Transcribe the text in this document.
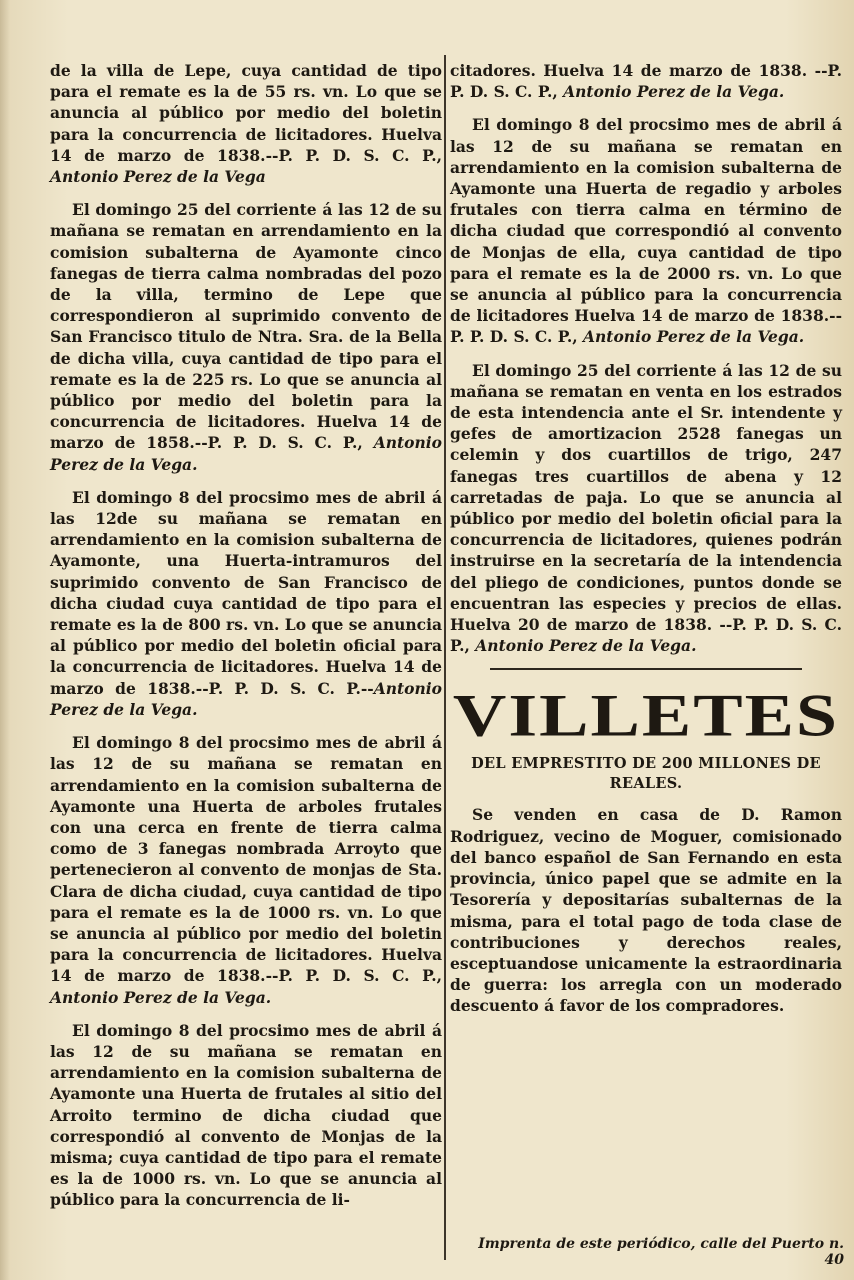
de la villa de Lepe, cuya cantidad de tipo para el remate es la de 55 rs. vn. Lo que se anuncia al público por medio del boletin para la concurrencia de licitadores. Huelva 14 de marzo de 1838.--P. P. D. S. C. P., Antonio Perez de la Vega

El domingo 25 del corriente á las 12 de su mañana se rematan en arrendamiento en la comision subalterna de Ayamonte cinco fanegas de tierra calma nombradas del pozo de la villa, termino de Lepe que correspondieron al suprimido convento de San Francisco titulo de Ntra. Sra. de la Bella de dicha villa, cuya cantidad de tipo para el remate es la de 225 rs. Lo que se anuncia al público por medio del boletin para la concurrencia de licitadores. Huelva 14 de marzo de 1858.--P. P. D. S. C. P., Antonio Perez de la Vega.

El domingo 8 del procsimo mes de abril á las 12de su mañana se rematan en arrendamiento en la comision subalterna de Ayamonte, una Huerta-intramuros del suprimido convento de San Francisco de dicha ciudad cuya cantidad de tipo para el remate es la de 800 rs. vn. Lo que se anuncia al público por medio del boletin oficial para la concurrencia de licitadores. Huelva 14 de marzo de 1838.--P. P. D. S. C. P.--Antonio Perez de la Vega.

El domingo 8 del procsimo mes de abril á las 12 de su mañana se rematan en arrendamiento en la comision subalterna de Ayamonte una Huerta de arboles frutales con una cerca en frente de tierra calma como de 3 fanegas nombrada Arroyto que pertenecieron al convento de monjas de Sta. Clara de dicha ciudad, cuya cantidad de tipo para el remate es la de 1000 rs. vn. Lo que se anuncia al público por medio del boletin para la concurrencia de licitadores. Huelva 14 de marzo de 1838.--P. P. D. S. C. P., Antonio Perez de la Vega.

El domingo 8 del procsimo mes de abril á las 12 de su mañana se rematan en arrendamiento en la comision subalterna de Ayamonte una Huerta de frutales al sitio del Arroito termino de dicha ciudad que correspondió al convento de Monjas de la misma; cuya cantidad de tipo para el remate es la de 1000 rs. vn. Lo que se anuncia al público para la concurrencia de li-

citadores. Huelva 14 de marzo de 1838. --P. P. D. S. C. P., Antonio Perez de la Vega.

El domingo 8 del procsimo mes de abril á las 12 de su mañana se rematan en arrendamiento en la comision subalterna de Ayamonte una Huerta de regadio y arboles frutales con tierra calma en término de dicha ciudad que correspondió al convento de Monjas de ella, cuya cantidad de tipo para el remate es la de 2000 rs. vn. Lo que se anuncia al público para la concurrencia de licitadores Huelva 14 de marzo de 1838.--P. P. D. S. C. P., Antonio Perez de la Vega.

El domingo 25 del corriente á las 12 de su mañana se rematan en venta en los estrados de esta intendencia ante el Sr. intendente y gefes de amortizacion 2528 fanegas un celemin y dos cuartillos de trigo, 247 fanegas tres cuartillos de abena y 12 carretadas de paja. Lo que se anuncia al público por medio del boletin oficial para la concurrencia de licitadores, quienes podrán instruirse en la secretaría de la intendencia del pliego de condiciones, puntos donde se encuentran las especies y precios de ellas. Huelva 20 de marzo de 1838. --P. P. D. S. C. P., Antonio Perez de la Vega.

VILLETES
DEL EMPRESTITO DE 200 MILLONES DE REALES.

Se venden en casa de D. Ramon Rodriguez, vecino de Moguer, comisionado del banco español de San Fernando en esta provincia, único papel que se admite en la Tesorería y depositarías subalternas de la misma, para el total pago de toda clase de contribuciones y derechos reales, esceptuandose unicamente la estraordinaria de guerra: los arregla con un moderado descuento á favor de los compradores.

Imprenta de este periódico, calle del Puerto n. 40
